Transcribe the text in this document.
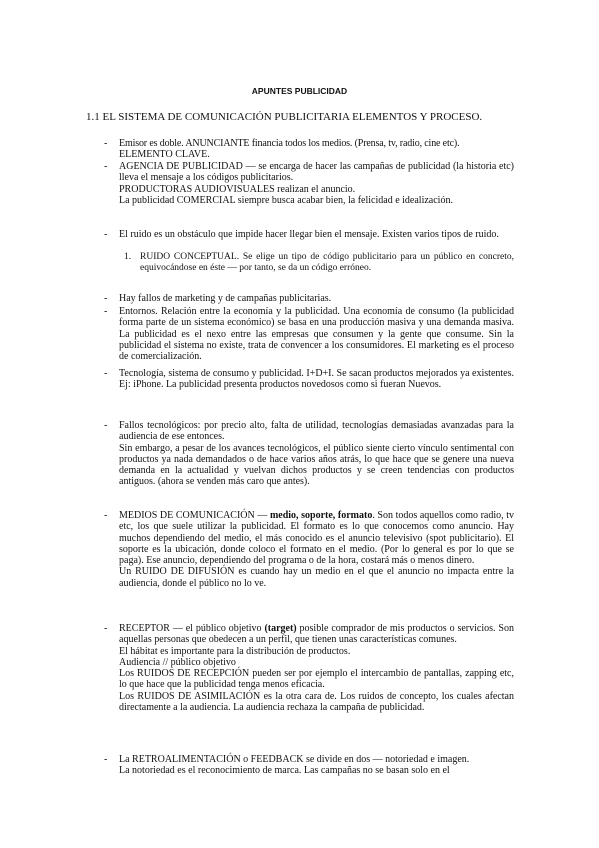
APUNTES PUBLICIDAD
1.1 EL SISTEMA DE COMUNICACIÓN PUBLICITARIA ELEMENTOS Y PROCESO.
- Emisor es doble. ANUNCIANTE financia todos los medios. (Prensa, tv, radio, cine etc).

ELEMENTO CLAVE.

- AGENCIA DE PUBLICIDAD — se encarga de hacer las campañas de publicidad (la historia etc) lleva el mensaje a los códigos publicitarios.

PRODUCTORAS AUDIOVISUALES realizan el anuncio.

La publicidad COMERCIAL siempre busca acabar bien, la felicidad e idealización.

- El ruido es un obstáculo que impide hacer llegar bien el mensaje. Existen varios tipos de ruido.

1. RUIDO CONCEPTUAL. Se elige un tipo de código publicitario para un público en concreto, equivocándose en éste — por tanto, se da un código erróneo.
- Hay fallos de marketing y de campañas publicitarias.

- Entornos. Relación entre la economía y la publicidad. Una economía de consumo (la publicidad forma parte de un sistema económico) se basa en una producción masiva y una demanda masiva. La publicidad es el nexo entre las empresas que consumen y la gente que consume. Sin la publicidad el sistema no existe, trata de convencer a los consumidores. El marketing es el proceso de comercialización.

- Tecnología, sistema de consumo y publicidad. I+D+I. Se sacan productos mejorados ya existentes. Ej: iPhone. La publicidad presenta productos novedosos como si fueran Nuevos.

- Fallos tecnológicos: por precio alto, falta de utilidad, tecnologías demasiadas avanzadas para la audiencia de ese entonces.

Sin embargo, a pesar de los avances tecnológicos, el público siente cierto vínculo sentimental con productos ya nada demandados o de hace varios años atrás, lo que hace que se genere una nueva demanda en la actualidad y vuelvan dichos productos y se creen tendencias con productos antiguos. (ahora se venden más caro que antes).

- MEDIOS DE COMUNICACIÓN — medio, soporte, formato. Son todos aquellos como radio, tv etc, los que suele utilizar la publicidad. El formato es lo que conocemos como anuncio. Hay muchos dependiendo del medio, el más conocido es el anuncio televisivo (spot publicitario). El soporte es la ubicación, donde coloco el formato en el medio. (Por lo general es por lo que se paga). Ese anuncio, dependiendo del programa o de la hora, costará más o menos dinero.

Un RUIDO DE DIFUSIÓN es cuando hay un medio en el que el anuncio no impacta entre la audiencia, donde el público no lo ve.

- RECEPTOR — el público objetivo (target) posible comprador de mis productos o servicios. Son aquellas personas que obedecen a un perfil, que tienen unas características comunes.

El hábitat es importante para la distribución de productos.

Audiencia // público objetivo

Los RUIDOS DE RECEPCIÓN pueden ser por ejemplo el intercambio de pantallas, zapping etc, lo que hace que la publicidad tenga menos eficacia.

Los RUIDOS DE ASIMILACIÓN es la otra cara de. Los ruidos de concepto, los cuales afectan directamente a la audiencia. La audiencia rechaza la campaña de publicidad.

- La RETROALIMENTACIÓN o FEEDBACK se divide en dos — notoriedad e imagen.

La notoriedad es el reconocimiento de marca. Las campañas no se basan solo en el
